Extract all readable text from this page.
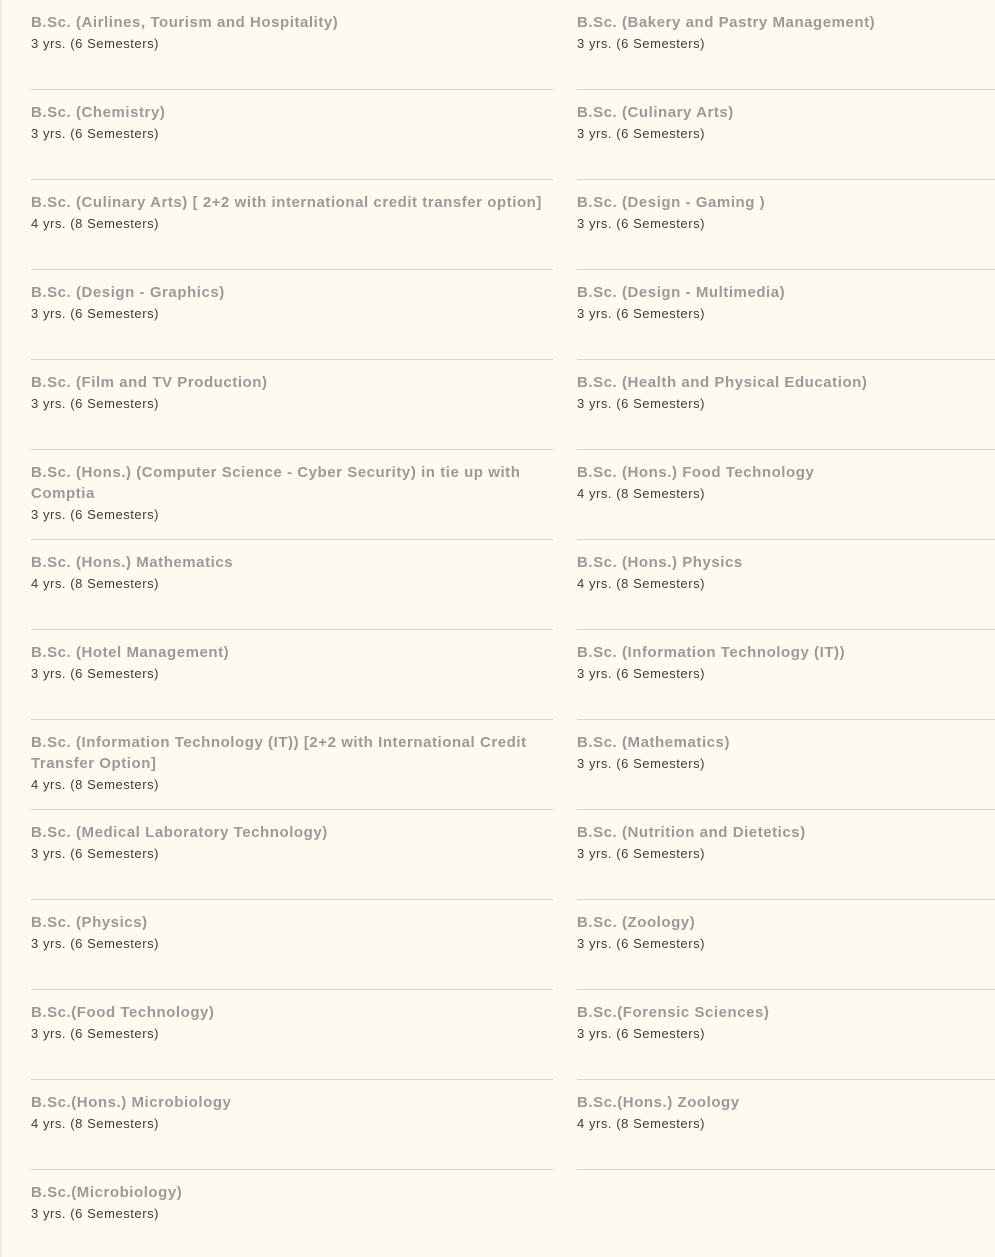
B.Sc. (Airlines, Tourism and Hospitality)
3 yrs. (6 Semesters)
B.Sc. (Bakery and Pastry Management)
3 yrs. (6 Semesters)
B.Sc. (Chemistry)
3 yrs. (6 Semesters)
B.Sc. (Culinary Arts)
3 yrs. (6 Semesters)
B.Sc. (Culinary Arts) [ 2+2 with international credit transfer option]
4 yrs. (8 Semesters)
B.Sc. (Design - Gaming )
3 yrs. (6 Semesters)
B.Sc. (Design - Graphics)
3 yrs. (6 Semesters)
B.Sc. (Design - Multimedia)
3 yrs. (6 Semesters)
B.Sc. (Film and TV Production)
3 yrs. (6 Semesters)
B.Sc. (Health and Physical Education)
3 yrs. (6 Semesters)
B.Sc. (Hons.) (Computer Science - Cyber Security) in tie up with Comptia
3 yrs. (6 Semesters)
B.Sc. (Hons.) Food Technology
4 yrs. (8 Semesters)
B.Sc. (Hons.) Mathematics
4 yrs. (8 Semesters)
B.Sc. (Hons.) Physics
4 yrs. (8 Semesters)
B.Sc. (Hotel Management)
3 yrs. (6 Semesters)
B.Sc. (Information Technology (IT))
3 yrs. (6 Semesters)
B.Sc. (Information Technology (IT)) [2+2 with International Credit Transfer Option]
4 yrs. (8 Semesters)
B.Sc. (Mathematics)
3 yrs. (6 Semesters)
B.Sc. (Medical Laboratory Technology)
3 yrs. (6 Semesters)
B.Sc. (Nutrition and Dietetics)
3 yrs. (6 Semesters)
B.Sc. (Physics)
3 yrs. (6 Semesters)
B.Sc. (Zoology)
3 yrs. (6 Semesters)
B.Sc.(Food Technology)
3 yrs. (6 Semesters)
B.Sc.(Forensic Sciences)
3 yrs. (6 Semesters)
B.Sc.(Hons.) Microbiology
4 yrs. (8 Semesters)
B.Sc.(Hons.) Zoology
4 yrs. (8 Semesters)
B.Sc.(Microbiology)
3 yrs. (6 Semesters)
